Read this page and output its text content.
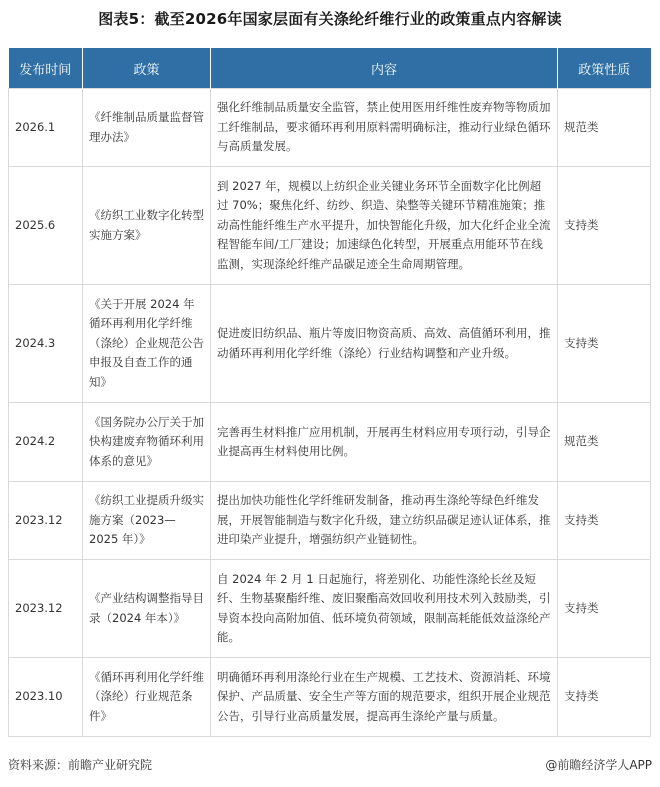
图表5：截至2026年国家层面有关涤纶纤维行业的政策重点内容解读
发布时间	政策	内容	政策性质
2026.1	《纤维制品质量监督管理办法》	强化纤维制品质量安全监管，禁止使用医用纤维性废弃物等物质加工纤维制品，要求循环再利用原料需明确标注，推动行业绿色循环与高质量发展。	规范类
2025.6	《纺织工业数字化转型实施方案》	到 2027 年，规模以上纺织企业关键业务环节全面数字化比例超过 70%；聚焦化纤、纺纱、织造、染整等关键环节精准施策；推动高性能纤维生产水平提升，加快智能化升级，加大化纤企业全流程智能车间/工厂建设；加速绿色化转型，开展重点用能环节在线监测，实现涤纶纤维产品碳足迹全生命周期管理。	支持类
2024.3	《关于开展 2024 年循环再利用化学纤维（涤纶）企业规范公告申报及自查工作的通知》	促进废旧纺织品、瓶片等废旧物资高质、高效、高值循环利用，推动循环再利用化学纤维（涤纶）行业结构调整和产业升级。	支持类
2024.2	《国务院办公厅关于加快构建废弃物循环利用体系的意见》	完善再生材料推广应用机制，开展再生材料应用专项行动，引导企业提高再生材料使用比例。	规范类
2023.12	《纺织工业提质升级实施方案（2023—2025 年）》	提出加快功能性化学纤维研发制备，推动再生涤纶等绿色纤维发展，开展智能制造与数字化升级，建立纺织品碳足迹认证体系，推进印染产业提升，增强纺织产业链韧性。	支持类
2023.12	《产业结构调整指导目录（2024 年本）》	自 2024 年 2 月 1 日起施行，将差别化、功能性涤纶长丝及短纤、生物基聚酯纤维、废旧聚酯高效回收利用技术列入鼓励类，引导资本投向高附加值、低环境负荷领域，限制高耗能低效益涤纶产能。	支持类
2023.10	《循环再利用化学纤维（涤纶）行业规范条件》	明确循环再利用涤纶行业在生产规模、工艺技术、资源消耗、环境保护、产品质量、安全生产等方面的规范要求，组织开展企业规范公告，引导行业高质量发展，提高再生涤纶产量与质量。	支持类
资料来源：前瞻产业研究院	@前瞻经济学人APP
